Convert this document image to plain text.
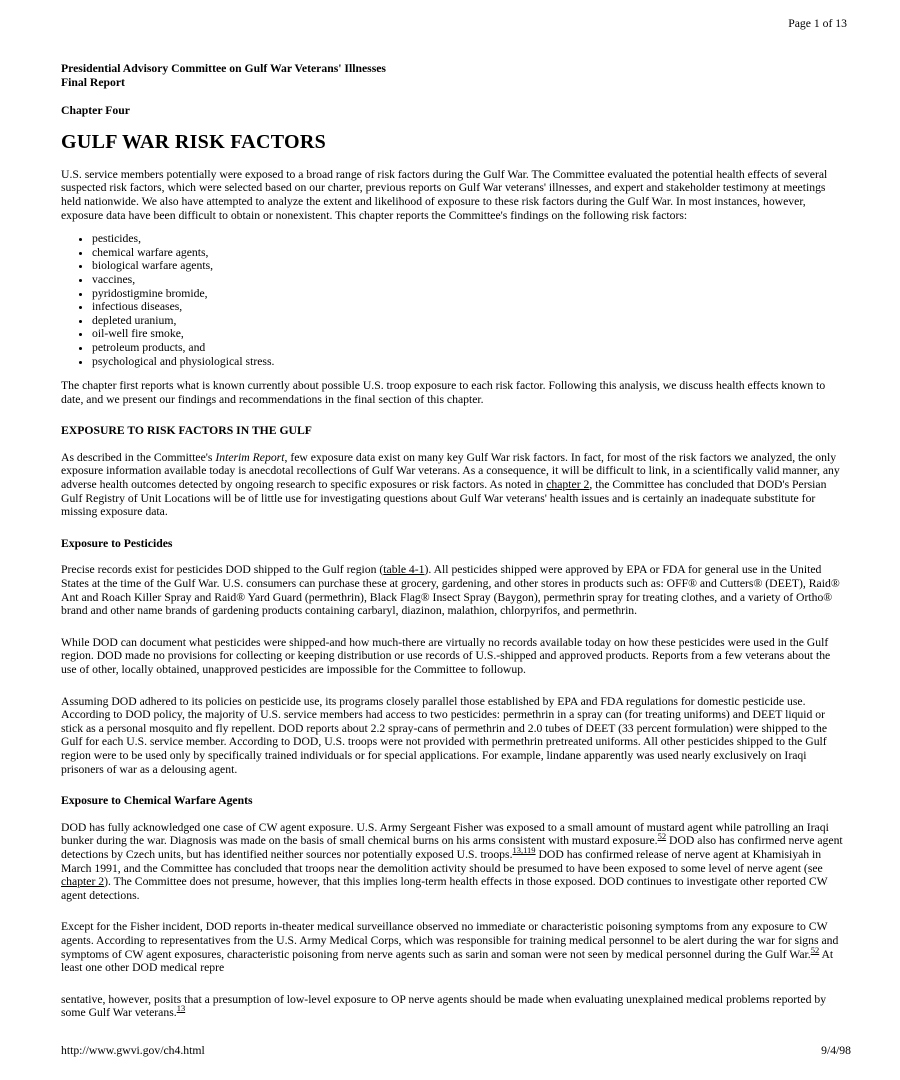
Page 1 of 13
Presidential Advisory Committee on Gulf War Veterans' Illnesses
Final Report
Chapter Four
GULF WAR RISK FACTORS

U.S. service members potentially were exposed to a broad range of risk factors during the Gulf War. The Committee evaluated the potential health effects of several suspected risk factors, which were selected based on our charter, previous reports on Gulf War veterans' illnesses, and expert and stakeholder testimony at meetings held nationwide. We also have attempted to analyze the extent and likelihood of exposure to these risk factors during the Gulf War. In most instances, however, exposure data have been difficult to obtain or nonexistent. This chapter reports the Committee's findings on the following risk factors:

• pesticides,
• chemical warfare agents,
• biological warfare agents,
• vaccines,
• pyridostigmine bromide,
• infectious diseases,
• depleted uranium,
• oil-well fire smoke,
• petroleum products, and
• psychological and physiological stress.

The chapter first reports what is known currently about possible U.S. troop exposure to each risk factor. Following this analysis, we discuss health effects known to date, and we present our findings and recommendations in the final section of this chapter.

EXPOSURE TO RISK FACTORS IN THE GULF

As described in the Committee's Interim Report, few exposure data exist on many key Gulf War risk factors. In fact, for most of the risk factors we analyzed, the only exposure information available today is anecdotal recollections of Gulf War veterans. As a consequence, it will be difficult to link, in a scientifically valid manner, any adverse health outcomes detected by ongoing research to specific exposures or risk factors. As noted in chapter 2, the Committee has concluded that DOD's Persian Gulf Registry of Unit Locations will be of little use for investigating questions about Gulf War veterans' health issues and is certainly an inadequate substitute for missing exposure data.

Exposure to Pesticides

Precise records exist for pesticides DOD shipped to the Gulf region (table 4-1). All pesticides shipped were approved by EPA or FDA for general use in the United States at the time of the Gulf War. U.S. consumers can purchase these at grocery, gardening, and other stores in products such as: OFF® and Cutters® (DEET), Raid® Ant and Roach Killer Spray and Raid® Yard Guard (permethrin), Black Flag® Insect Spray (Baygon), permethrin spray for treating clothes, and a variety of Ortho® brand and other name brands of gardening products containing carbaryl, diazinon, malathion, chlorpyrifos, and permethrin.

While DOD can document what pesticides were shipped-and how much-there are virtually no records available today on how these pesticides were used in the Gulf region. DOD made no provisions for collecting or keeping distribution or use records of U.S.-shipped and approved products. Reports from a few veterans about the use of other, locally obtained, unapproved pesticides are impossible for the Committee to followup.

Assuming DOD adhered to its policies on pesticide use, its programs closely parallel those established by EPA and FDA regulations for domestic pesticide use. According to DOD policy, the majority of U.S. service members had access to two pesticides: permethrin in a spray can (for treating uniforms) and DEET liquid or stick as a personal mosquito and fly repellent. DOD reports about 2.2 spray-cans of permethrin and 2.0 tubes of DEET (33 percent formulation) were shipped to the Gulf for each U.S. service member. According to DOD, U.S. troops were not provided with permethrin pretreated uniforms. All other pesticides shipped to the Gulf region were to be used only by specifically trained individuals or for special applications. For example, lindane apparently was used nearly exclusively on Iraqi prisoners of war as a delousing agent.

Exposure to Chemical Warfare Agents

DOD has fully acknowledged one case of CW agent exposure. U.S. Army Sergeant Fisher was exposed to a small amount of mustard agent while patrolling an Iraqi bunker during the war. Diagnosis was made on the basis of small chemical burns on his arms consistent with mustard exposure.$^{52}$ DOD also has confirmed nerve agent detections by Czech units, but has identified neither sources nor potentially exposed U.S. troops.$^{13,119}$ DOD has confirmed release of nerve agent at Khamisiyah in March 1991, and the Committee has concluded that troops near the demolition activity should be presumed to have been exposed to some level of nerve agent (see chapter 2). The Committee does not presume, however, that this implies long-term health effects in those exposed. DOD continues to investigate other reported CW agent detections.

Except for the Fisher incident, DOD reports in-theater medical surveillance observed no immediate or characteristic poisoning symptoms from any exposure to CW agents. According to representatives from the U.S. Army Medical Corps, which was responsible for training medical personnel to be alert during the war for signs and symptoms of CW agent exposures, characteristic poisoning from nerve agents such as sarin and soman were not seen by medical personnel during the Gulf War.$^{52}$ At least one other DOD medical repre

sentative, however, posits that a presumption of low-level exposure to OP nerve agents should be made when evaluating unexplained medical problems reported by some Gulf War veterans.$^{13}$

http://www.gwvi.gov/ch4.html	9/4/98
